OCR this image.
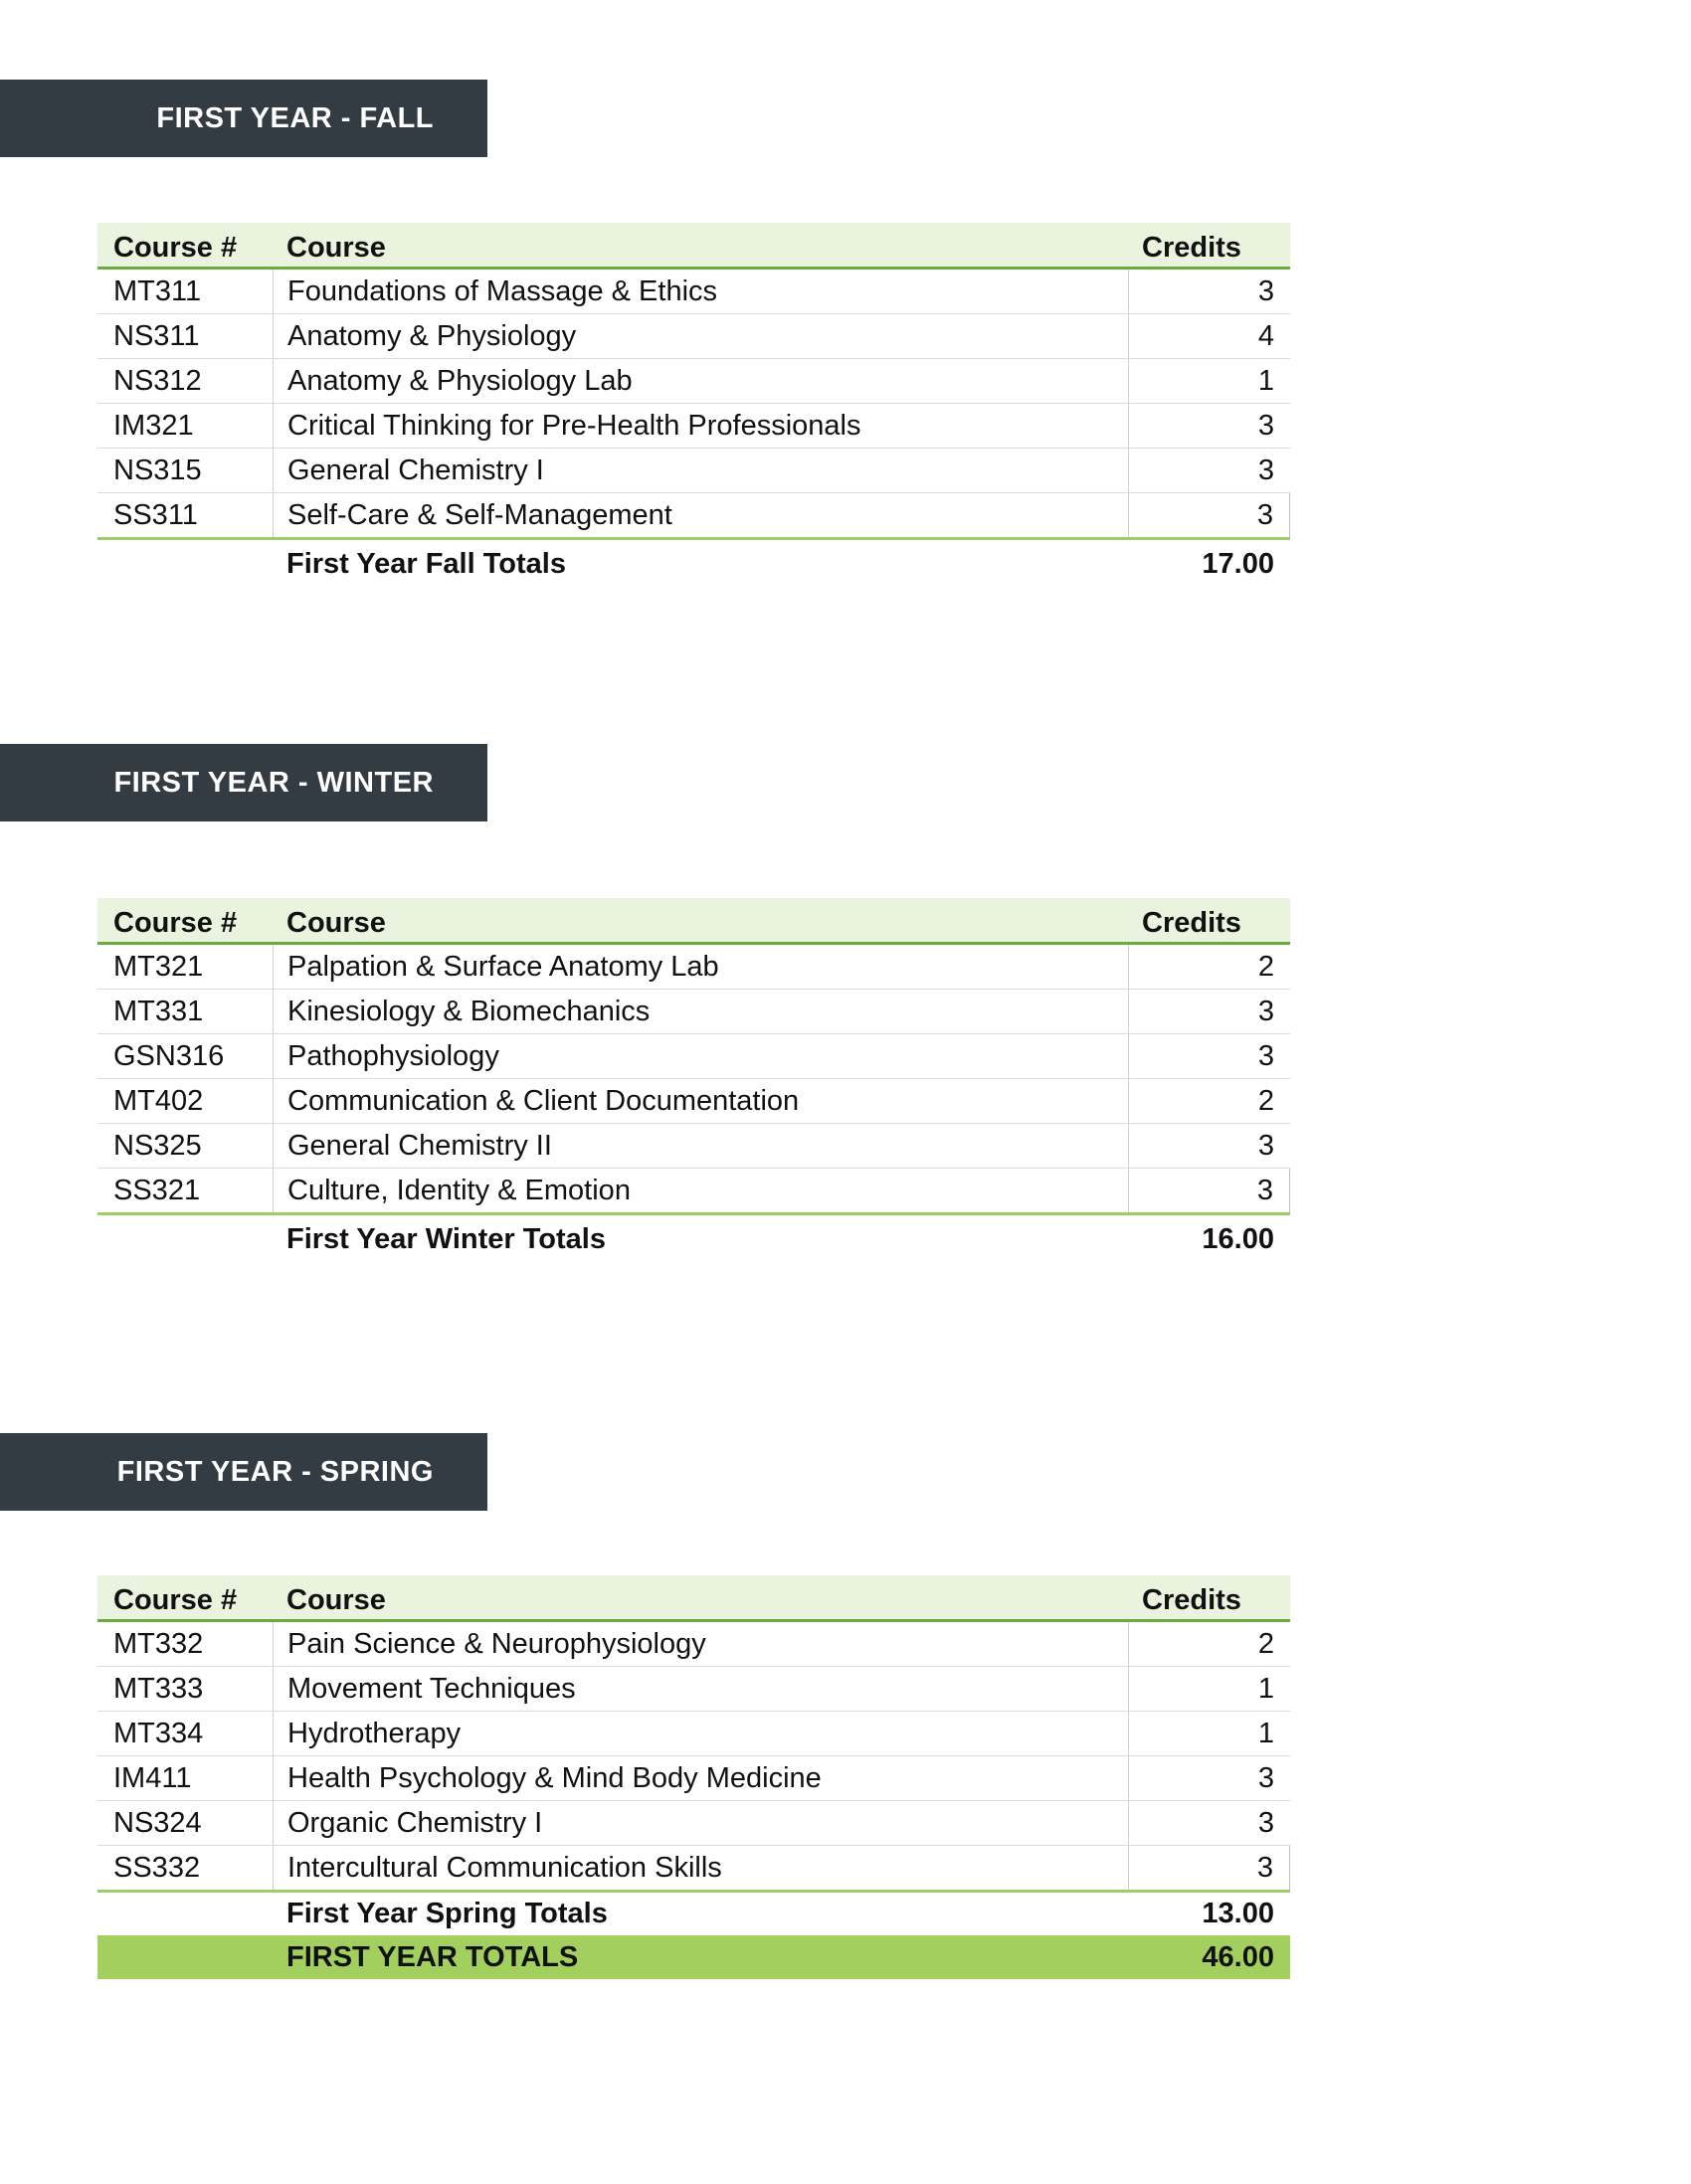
FIRST YEAR - FALL
Course #	Course	Credits
MT311	Foundations of Massage & Ethics	3
NS311	Anatomy & Physiology	4
NS312	Anatomy & Physiology Lab	1
IM321	Critical Thinking for Pre-Health Professionals	3
NS315	General Chemistry I	3
SS311	Self-Care & Self-Management	3
First Year Fall Totals	17.00
FIRST YEAR - WINTER
Course #	Course	Credits
MT321	Palpation & Surface Anatomy Lab	2
MT331	Kinesiology & Biomechanics	3
GSN316	Pathophysiology	3
MT402	Communication & Client Documentation	2
NS325	General Chemistry II	3
SS321	Culture, Identity & Emotion	3
First Year Winter Totals	16.00
FIRST YEAR - SPRING
Course #	Course	Credits
MT332	Pain Science & Neurophysiology	2
MT333	Movement Techniques	1
MT334	Hydrotherapy	1
IM411	Health Psychology & Mind Body Medicine	3
NS324	Organic Chemistry I	3
SS332	Intercultural Communication Skills	3
First Year Spring Totals	13.00
FIRST YEAR TOTALS	46.00
